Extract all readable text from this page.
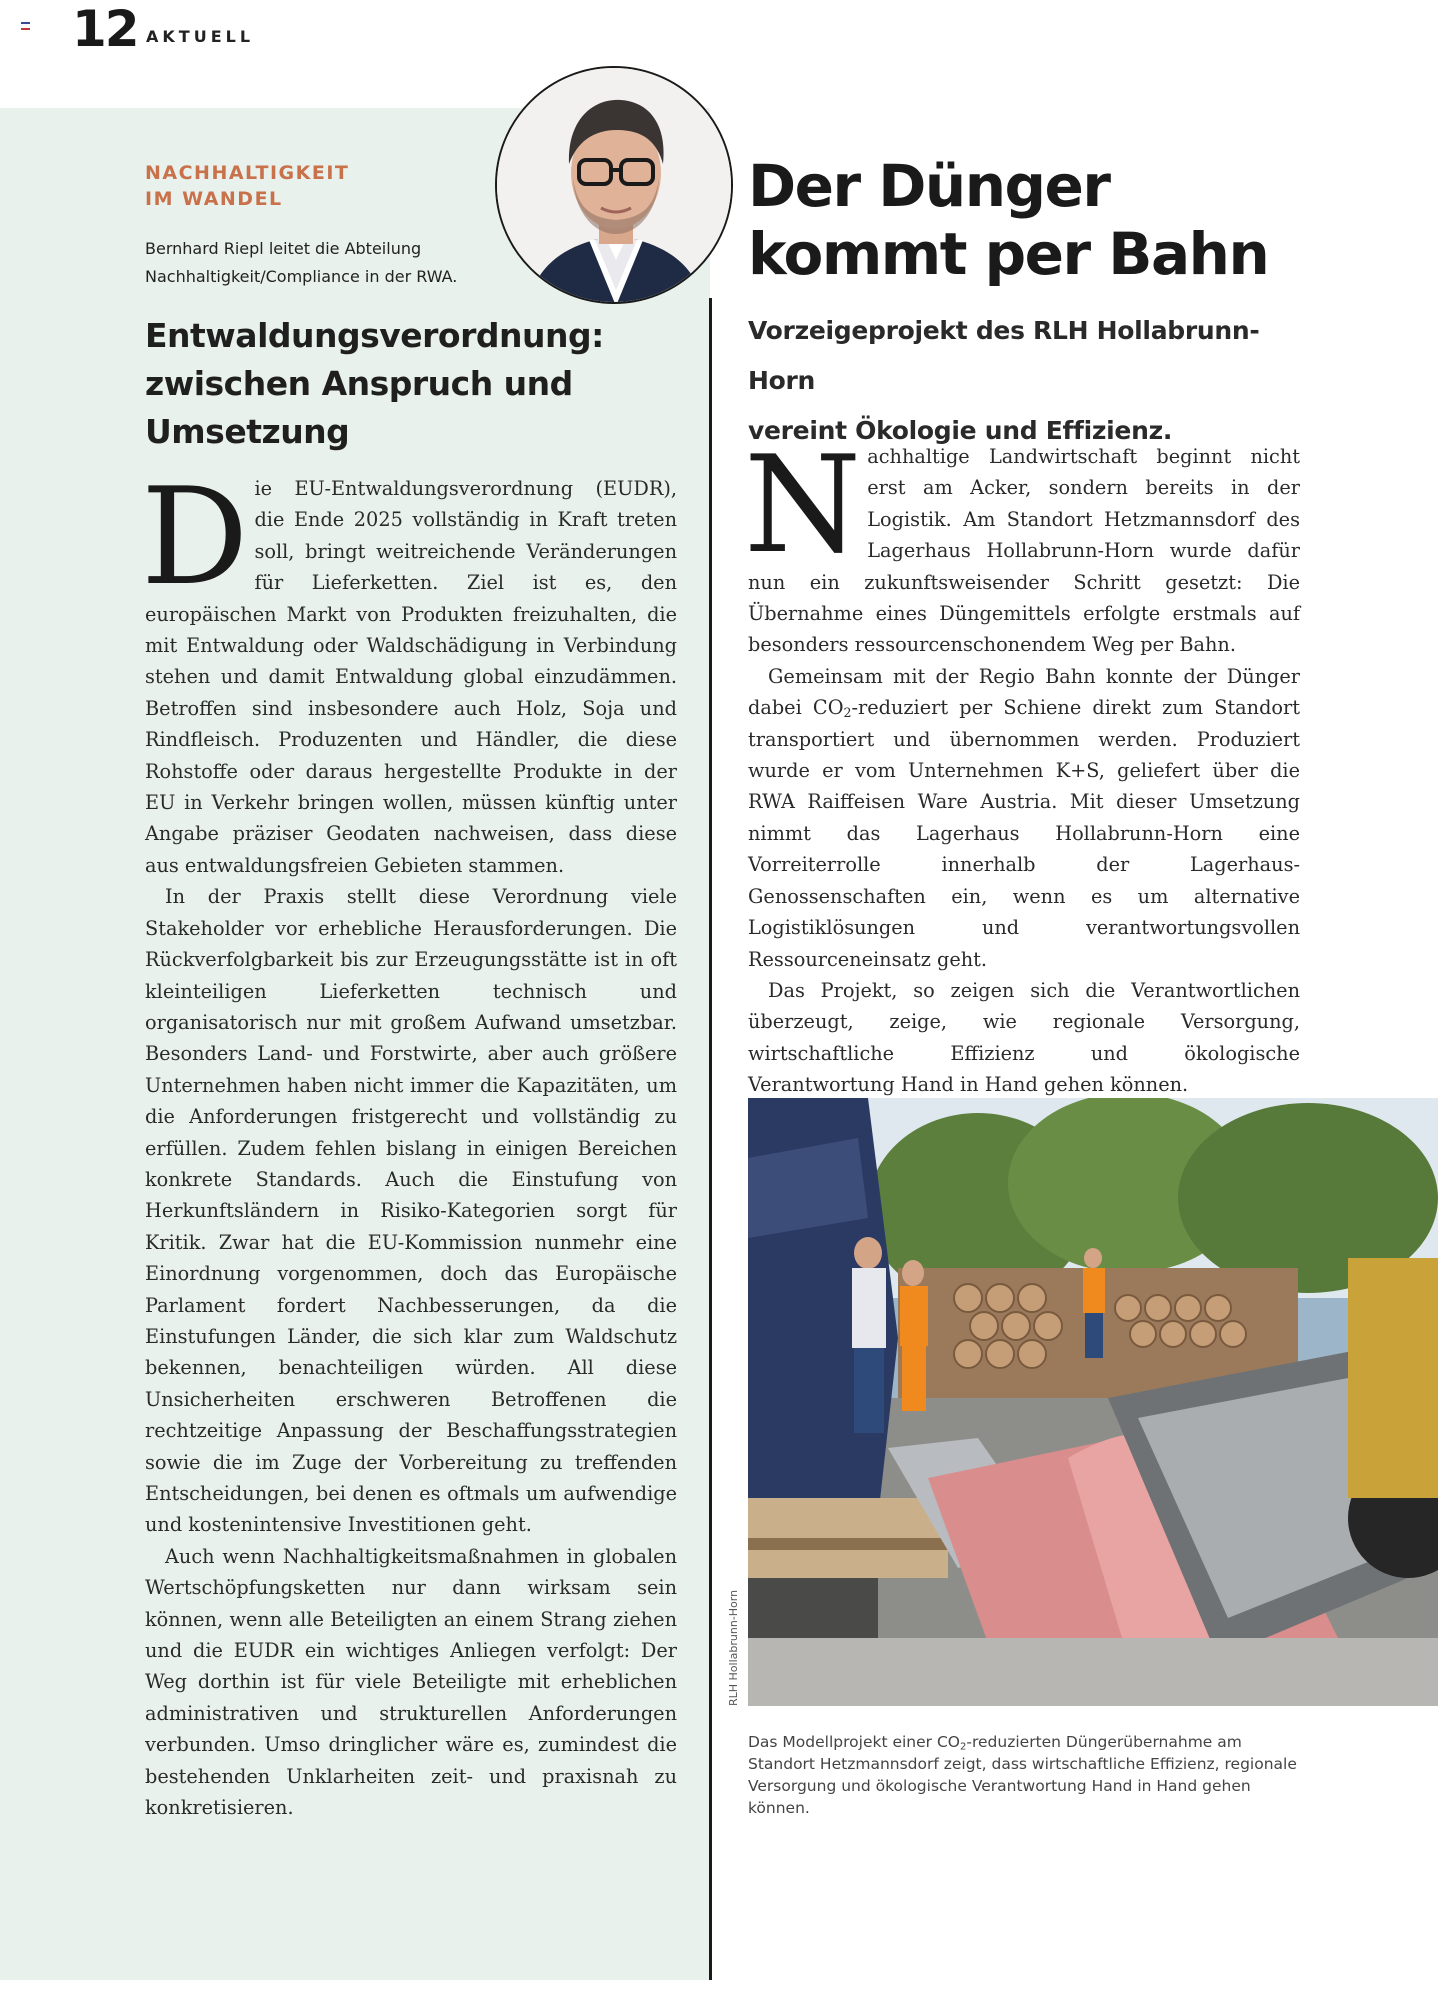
12 AKTUELL
NACHHALTIGKEIT
IM WANDEL
Bernhard Riepl leitet die Abteilung
Nachhaltigkeit/Compliance in der RWA.
Entwaldungsverordnung:
zwischen Anspruch und
Umsetzung

Die EU-Entwaldungsverordnung (EUDR), die Ende 2025 vollständig in Kraft treten soll, bringt weitreichende Veränderungen für Lieferketten. Ziel ist es, den europäischen Markt von Produkten freizuhalten, die mit Entwaldung oder Waldschädigung in Verbindung stehen und damit Entwaldung global einzudämmen. Betroffen sind insbesondere auch Holz, Soja und Rindfleisch. Produzenten und Händler, die diese Rohstoffe oder daraus hergestellte Produkte in der EU in Verkehr bringen wollen, müssen künftig unter Angabe präziser Geodaten nachweisen, dass diese aus entwaldungsfreien Gebieten stammen.

In der Praxis stellt diese Verordnung viele Stakeholder vor erhebliche Herausforderungen. Die Rückverfolgbarkeit bis zur Erzeugungsstätte ist in oft kleinteiligen Lieferketten technisch und organisatorisch nur mit großem Aufwand umsetzbar. Besonders Land- und Forstwirte, aber auch größere Unternehmen haben nicht immer die Kapazitäten, um die Anforderungen fristgerecht und vollständig zu erfüllen. Zudem fehlen bislang in einigen Bereichen konkrete Standards. Auch die Einstufung von Herkunftsländern in Risiko-Kategorien sorgt für Kritik. Zwar hat die EU-Kommission nunmehr eine Einordnung vorgenommen, doch das Europäische Parlament fordert Nachbesserungen, da die Einstufungen Länder, die sich klar zum Waldschutz bekennen, benachteiligen würden. All diese Unsicherheiten erschweren Betroffenen die rechtzeitige Anpassung der Beschaffungsstrategien sowie die im Zuge der Vorbereitung zu treffenden Entscheidungen, bei denen es oftmals um aufwendige und kostenintensive Investitionen geht.

Auch wenn Nachhaltigkeitsmaßnahmen in globalen Wertschöpfungsketten nur dann wirksam sein können, wenn alle Beteiligten an einem Strang ziehen und die EUDR ein wichtiges Anliegen verfolgt: Der Weg dorthin ist für viele Beteiligte mit erheblichen administrativen und strukturellen Anforderungen verbunden. Umso dringlicher wäre es, zumindest die bestehenden Unklarheiten zeit- und praxisnah zu konkretisieren.

Der Dünger
kommt per Bahn
Vorzeigeprojekt des RLH Hollabrunn-Horn
vereint Ökologie und Effizienz.

Nachhaltige Landwirtschaft beginnt nicht erst am Acker, sondern bereits in der Logistik. Am Standort Hetzmannsdorf des Lagerhaus Hollabrunn-Horn wurde dafür nun ein zukunftsweisender Schritt gesetzt: Die Übernahme eines Düngemittels erfolgte erstmals auf besonders ressourcenschonendem Weg per Bahn.

Gemeinsam mit der Regio Bahn konnte der Dünger dabei $CO_2$-reduziert per Schiene direkt zum Standort transportiert und übernommen werden. Produziert wurde er vom Unternehmen K+S, geliefert über die RWA Raiffeisen Ware Austria. Mit dieser Umsetzung nimmt das Lagerhaus Hollabrunn-Horn eine Vorreiterrolle innerhalb der Lagerhaus-Genossenschaften ein, wenn es um alternative Logistiklösungen und verantwortungsvollen Ressourceneinsatz geht.

Das Projekt, so zeigen sich die Verantwortlichen überzeugt, zeige, wie regionale Versorgung, wirtschaftliche Effizienz und ökologische Verantwortung Hand in Hand gehen können.

RLH Hollabrunn-Horn
Das Modellprojekt einer $CO_2$-reduzierten Düngerübernahme am Standort Hetzmannsdorf zeigt, dass wirtschaftliche Effizienz, regionale Versorgung und ökologische Verantwortung Hand in Hand gehen können.
